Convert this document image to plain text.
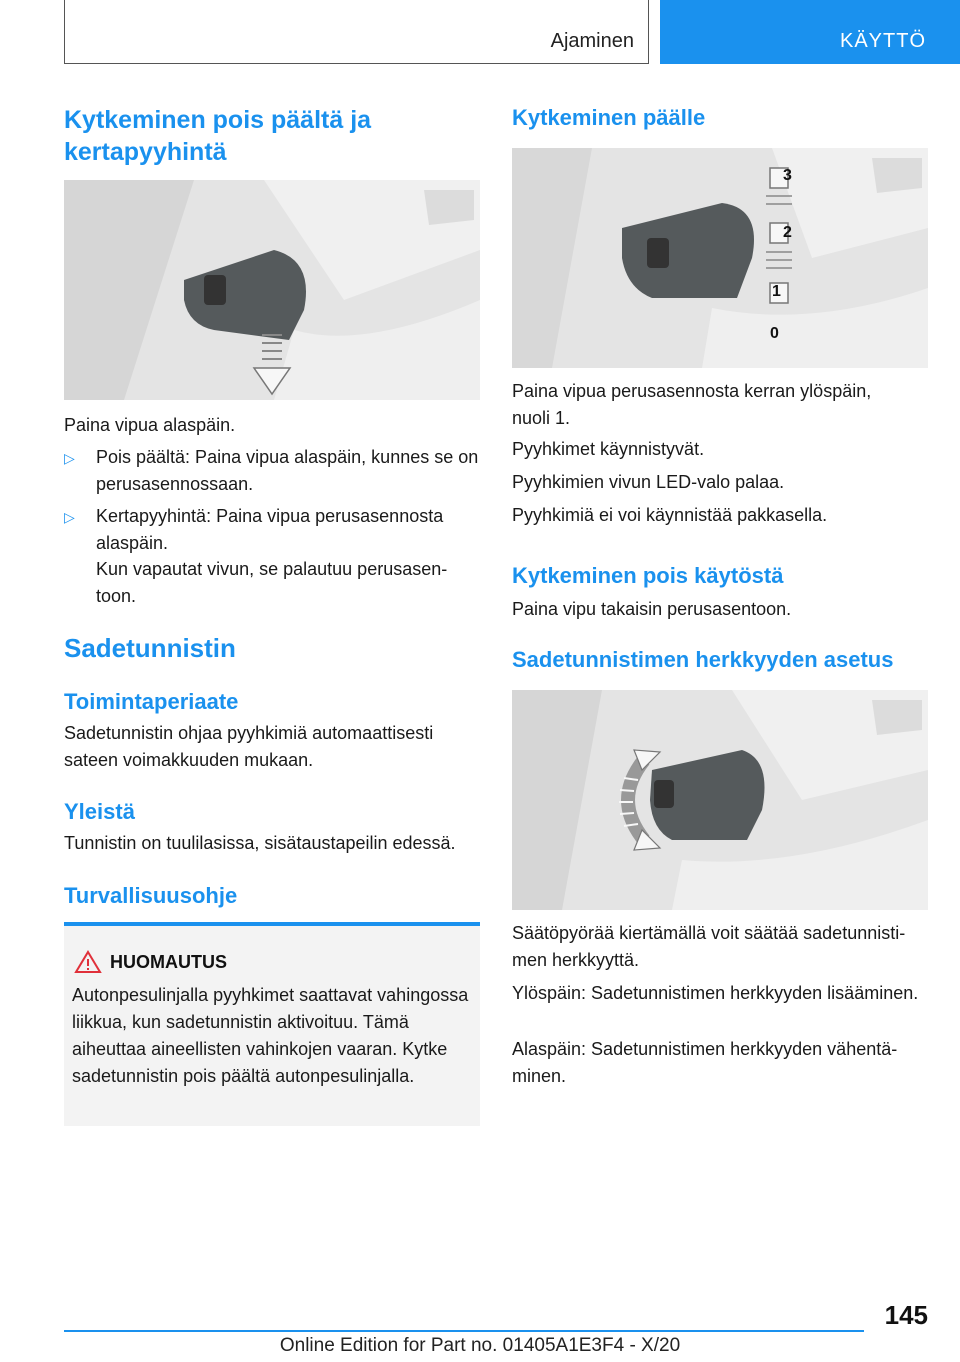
Ajaminen	KÄYTTÖ
Kytkeminen pois päältä ja kertapyyhintä

Paina vipua alaspäin.

▷ Pois päältä: Paina vipua alaspäin, kunnes se on perusasennossaan.

▷ Kertapyyhintä: Paina vipua perusasennosta alaspäin.

Kun vapautat vivun, se palautuu perusasentoon.

Sadetunnistin
Toimintaperiaate

Sadetunnistin ohjaa pyyhkimiä automaattisesti sateen voimakkuuden mukaan.

Yleistä

Tunnistin on tuulilasissa, sisätaustapeilin edessä.

Turvallisuusohje
HUOMAUTUS

Autonpesulinjalla pyyhkimet saattavat vahingossa liikkua, kun sadetunnistin aktivoituu. Tämä aiheuttaa aineellisten vahinkojen vaaran. Kytke sadetunnistin pois päältä autonpesulinjalla.

Kytkeminen päälle
3
2
1
0

Paina vipua perusasennosta kerran ylöspäin, nuoli 1.

Pyyhkimet käynnistyvät.

Pyyhkimien vivun LED-valo palaa.

Pyyhkimiä ei voi käynnistää pakkasella.

Kytkeminen pois käytöstä

Paina vipu takaisin perusasentoon.

Sadetunnistimen herkkyyden asetus

Säätöpyörää kiertämällä voit säätää sadetunnistimen herkkyyttä.

Ylöspäin: Sadetunnistimen herkkyyden lisääminen.

Alaspäin: Sadetunnistimen herkkyyden vähentäminen.

145
Online Edition for Part no. 01405A1E3F4 - X/20
